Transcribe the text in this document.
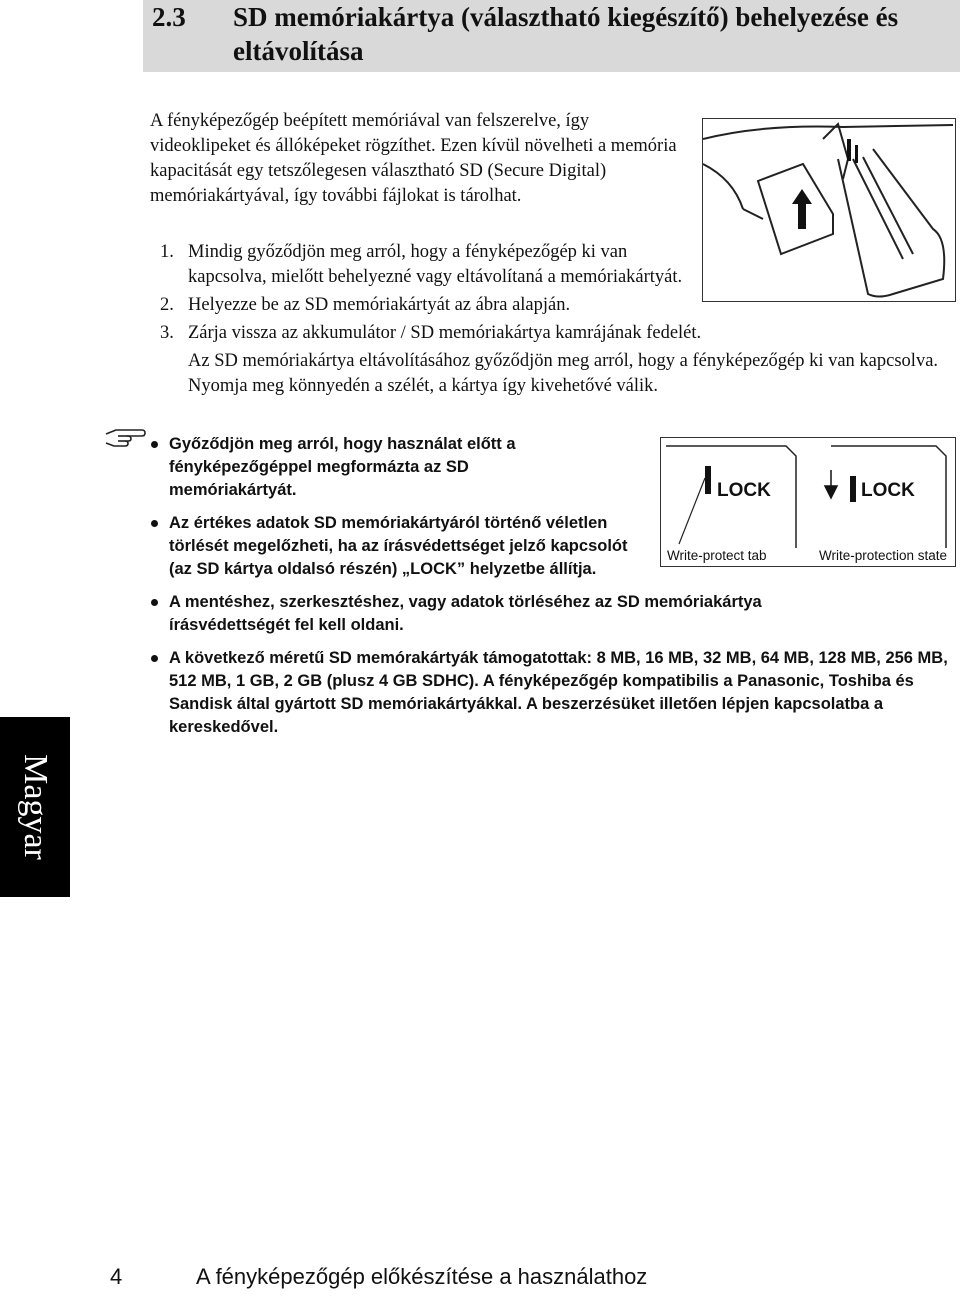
2.3 SD memóriakártya (választható kiegészítő) behelyezése és eltávolítása

A fényképezőgép beépített memóriával van felszerelve, így videoklipeket és állóképeket rögzíthet. Ezen kívül növelheti a memória kapacitását egy tetszőlegesen választható SD (Secure Digital) memóriakártyával, így további fájlokat is tárolhat.

1. Mindig győződjön meg arról, hogy a fényképezőgép ki van kapcsolva, mielőtt behelyezné vagy eltávolítaná a memóriakártyát.
2. Helyezze be az SD memóriakártyát az ábra alapján.
3. Zárja vissza az akkumulátor / SD memóriakártya kamrájának fedelét.
Az SD memóriakártya eltávolításához győződjön meg arról, hogy a fényképezőgép ki van kapcsolva. Nyomja meg könnyedén a szélét, a kártya így kivehetővé válik.
Győződjön meg arról, hogy használat előtt a fényképezőgéppel megformázta az SD memóriakártyát.
Az értékes adatok SD memóriakártyáról történő véletlen törlését megelőzheti, ha az írásvédettséget jelző kapcsolót (az SD kártya oldalsó részén) „LOCK” helyzetbe állítja.
A mentéshez, szerkesztéshez, vagy adatok törléséhez az SD memóriakártya írásvédettségét fel kell oldani.
A következő méretű SD memórakártyák támogatottak: 8 MB, 16 MB, 32 MB, 64 MB, 128 MB, 256 MB, 512 MB, 1 GB, 2 GB (plusz 4 GB SDHC). A fényképezőgép kompatibilis a Panasonic, Toshiba és Sandisk által gyártott SD memóriakártyákkal. A beszerzésüket illetően lépjen kapcsolatba a kereskedővel.
LOCK	LOCK
Write-protect tab	Write-protection state
Magyar
4	A fényképezőgép előkészítése a használathoz
